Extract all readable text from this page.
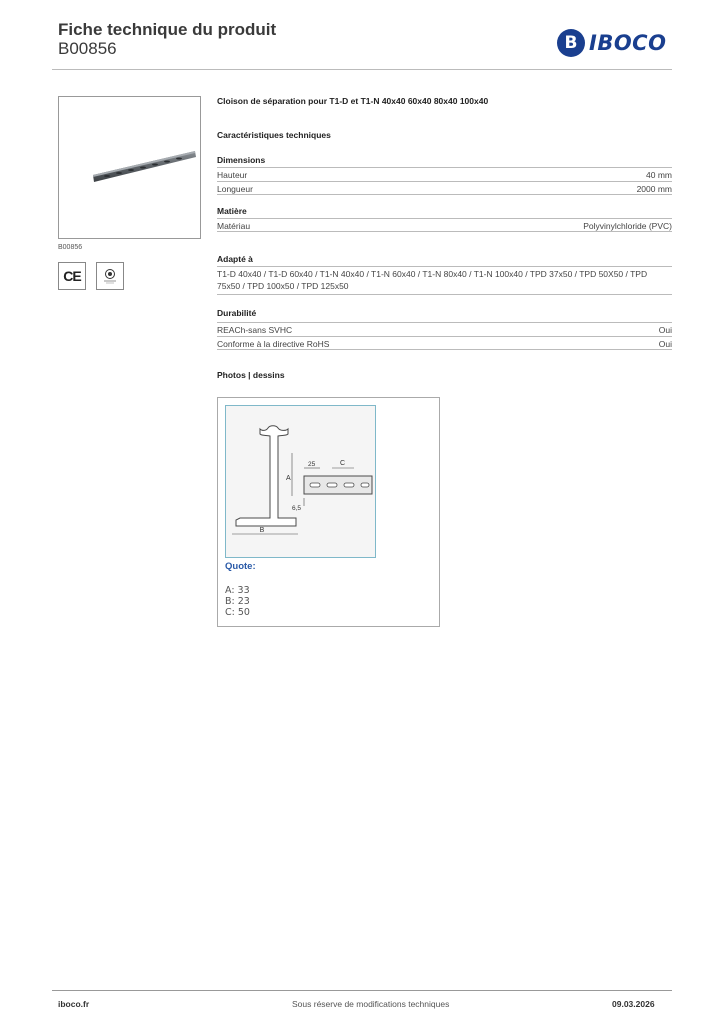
Fiche technique du produit
B00856	B IBOCO
B00856
CE
Cloison de séparation pour T1-D et T1-N 40x40 60x40 80x40 100x40
Caractéristiques techniques
Dimensions
Hauteur	40 mm
Longueur	2000 mm
Matière
Matériau	Polyvinylchloride (PVC)
Adapté à
T1-D 40x40 / T1-D 60x40 / T1-N 40x40 / T1-N 60x40 / T1-N 80x40 / T1-N 100x40 / TPD 37x50 / TPD 50X50 / TPD 75x50 / TPD 100x50 / TPD 125x50
Durabilité
REACh-sans SVHC	Oui
Conforme à la directive RoHS	Oui
Photos | dessins
B
A
25	C
6,5
Quote:
A: 33
B: 23
C: 50
iboco.fr	Sous réserve de modifications techniques	09.03.2026
